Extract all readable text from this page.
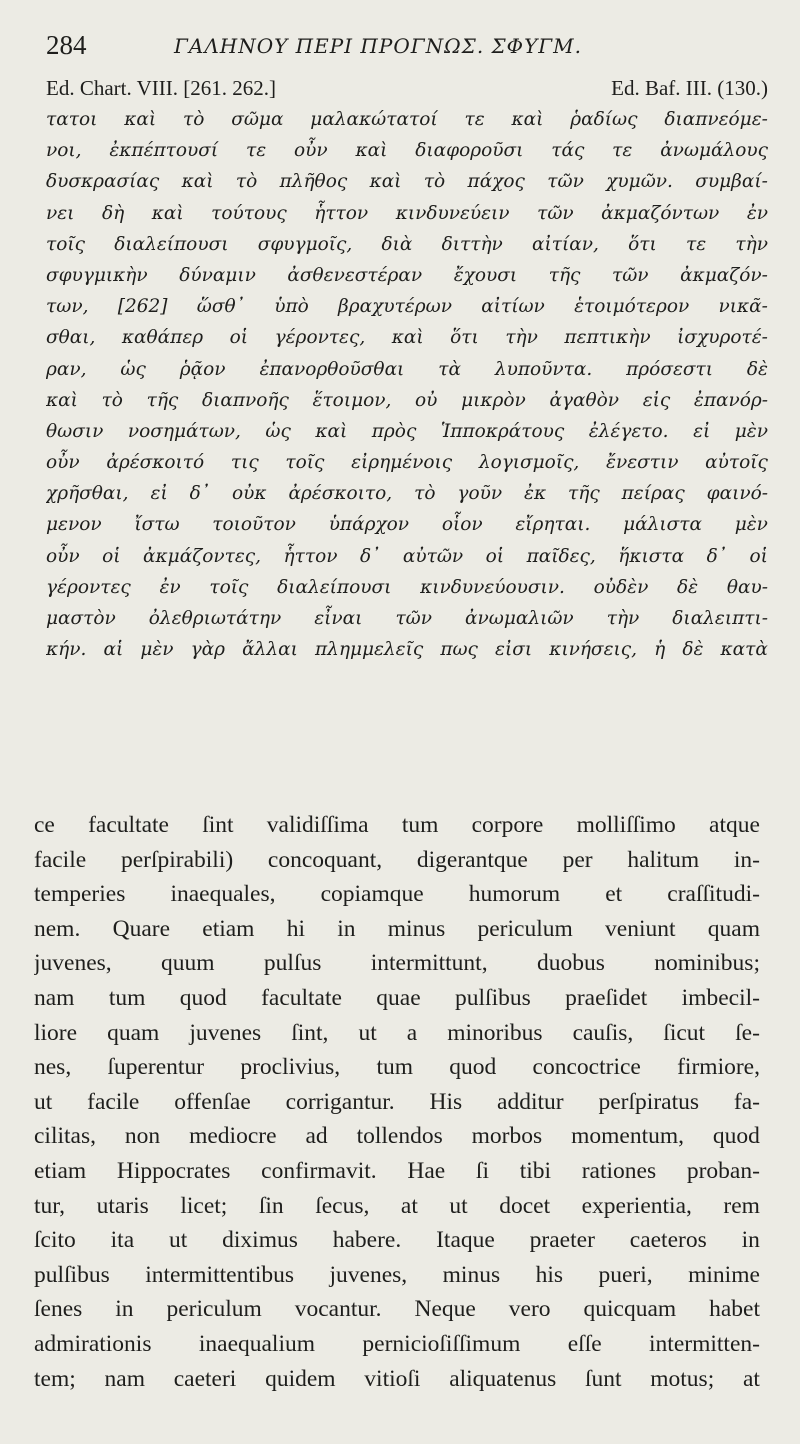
284	ΓΑΛΗΝΟΥ ΠΕΡΙ ΠΡΟΓΝΩΣ. ΣΦΥΓΜ.
Ed. Chart. VIII. [261. 262.]	Ed. Baf. III. (130.)
τατοι καὶ τὸ σῶμα μαλακώτατοί τε καὶ ῥαδίως διαπνεόμε-
νοι, ἐκπέπτουσί τε οὖν καὶ διαφοροῦσι τάς τε ἀνωμάλους
δυσκρασίας καὶ τὸ πλῆθος καὶ τὸ πάχος τῶν χυμῶν. συμβαί-
νει δὴ καὶ τούτους ἧττον κινδυνεύειν τῶν ἀκμαζόντων ἐν
τοῖς διαλείπουσι σφυγμοῖς, διὰ διττὴν αἰτίαν, ὅτι τε τὴν
σφυγμικὴν δύναμιν ἀσθενεστέραν ἔχουσι τῆς τῶν ἀκμαζόν-
των, [262] ὥσθ᾽ ὑπὸ βραχυτέρων αἰτίων ἑτοιμότερον νικᾶ-
σθαι, καθάπερ οἱ γέροντες, καὶ ὅτι τὴν πεπτικὴν ἰσχυροτέ-
ραν, ὡς ῥᾷον ἐπανορθοῦσθαι τὰ λυποῦντα. πρόσεστι δὲ
καὶ τὸ τῆς διαπνοῆς ἕτοιμον, οὐ μικρὸν ἀγαθὸν εἰς ἐπανόρ-
θωσιν νοσημάτων, ὡς καὶ πρὸς Ἱπποκράτους ἐλέγετο. εἰ μὲν
οὖν ἀρέσκοιτό τις τοῖς εἰρημένοις λογισμοῖς, ἔνεστιν αὐτοῖς
χρῆσθαι, εἰ δ᾽ οὐκ ἀρέσκοιτο, τὸ γοῦν ἐκ τῆς πείρας φαινό-
μενον ἴστω τοιοῦτον ὑπάρχον οἷον εἴρηται. μάλιστα μὲν
οὖν οἱ ἀκμάζοντες, ἧττον δ᾽ αὐτῶν οἱ παῖδες, ἥκιστα δ᾽ οἱ
γέροντες ἐν τοῖς διαλείπουσι κινδυνεύουσιν. οὐδὲν δὲ θαυ-
μαστὸν ὀλεθριωτάτην εἶναι τῶν ἀνωμαλιῶν τὴν διαλειπτι-
κήν. αἱ μὲν γὰρ ἄλλαι πλημμελεῖς πως εἰσι κινήσεις, ἡ δὲ κατὰ
ce facultate ſint validiſſima tum corpore molliſſimo atque
facile perſpirabili) concoquant, digerantque per halitum in-
temperies inaequales, copiamque humorum et craſſitudi-
nem. Quare etiam hi in minus periculum veniunt quam
juvenes, quum pulſus intermittunt, duobus nominibus;
nam tum quod facultate quae pulſibus praeſidet imbecil-
liore quam juvenes ſint, ut a minoribus cauſis, ſicut ſe-
nes, ſuperentur proclivius, tum quod concoctrice firmiore,
ut facile offenſae corrigantur. His additur perſpiratus fa-
cilitas, non mediocre ad tollendos morbos momentum, quod
etiam Hippocrates confirmavit. Hae ſi tibi rationes proban-
tur, utaris licet; ſin ſecus, at ut docet experientia, rem
ſcito ita ut diximus habere. Itaque praeter caeteros in
pulſibus intermittentibus juvenes, minus his pueri, minime
ſenes in periculum vocantur. Neque vero quicquam habet
admirationis inaequalium pernicioſiſſimum eſſe intermitten-
tem; nam caeteri quidem vitioſi aliquatenus ſunt motus; at
